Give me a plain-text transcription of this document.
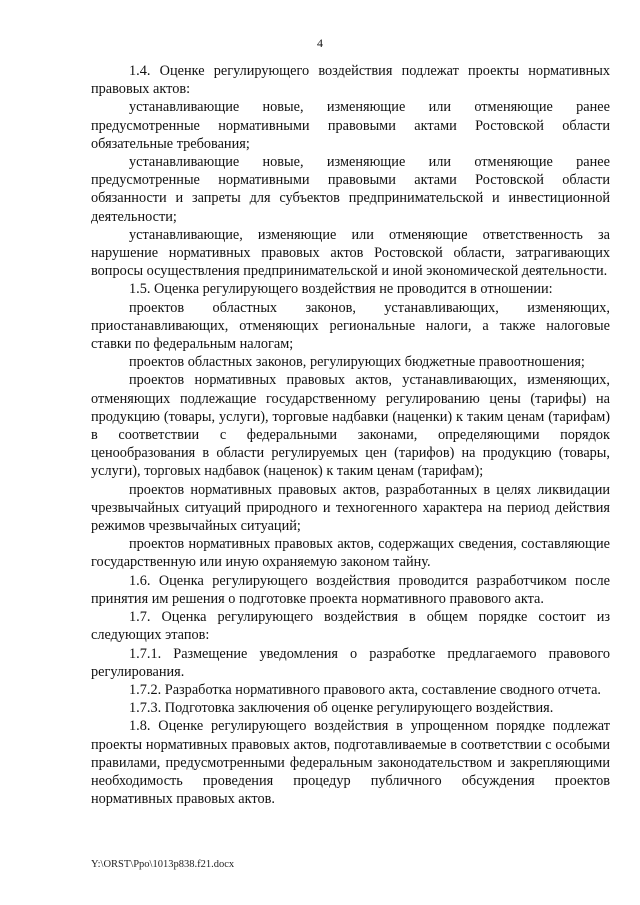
4

1.4. Оценке регулирующего воздействия подлежат проекты нормативных правовых актов:

устанавливающие новые, изменяющие или отменяющие ранее предусмотренные нормативными правовыми актами Ростовской области обязательные требования;

устанавливающие новые, изменяющие или отменяющие ранее предусмотренные нормативными правовыми актами Ростовской области обязанности и запреты для субъектов предпринимательской и инвестиционной деятельности;

устанавливающие, изменяющие или отменяющие ответственность за нарушение нормативных правовых актов Ростовской области, затрагивающих вопросы осуществления предпринимательской и иной экономической деятельности.

1.5. Оценка регулирующего воздействия не проводится в отношении:

проектов областных законов, устанавливающих, изменяющих, приостанавливающих, отменяющих региональные налоги, а также налоговые ставки по федеральным налогам;

проектов областных законов, регулирующих бюджетные правоотношения;

проектов нормативных правовых актов, устанавливающих, изменяющих, отменяющих подлежащие государственному регулированию цены (тарифы) на продукцию (товары, услуги), торговые надбавки (наценки) к таким ценам (тарифам) в соответствии с федеральными законами, определяющими порядок ценообразования в области регулируемых цен (тарифов) на продукцию (товары, услуги), торговых надбавок (наценок) к таким ценам (тарифам);

проектов нормативных правовых актов, разработанных в целях ликвидации чрезвычайных ситуаций природного и техногенного характера на период действия режимов чрезвычайных ситуаций;

проектов нормативных правовых актов, содержащих сведения, составляющие государственную или иную охраняемую законом тайну.

1.6. Оценка регулирующего воздействия проводится разработчиком после принятия им решения о подготовке проекта нормативного правового акта.

1.7. Оценка регулирующего воздействия в общем порядке состоит из следующих этапов:

1.7.1. Размещение уведомления о разработке предлагаемого правового регулирования.

1.7.2. Разработка нормативного правового акта, составление сводного отчета.

1.7.3. Подготовка заключения об оценке регулирующего воздействия.

1.8. Оценке регулирующего воздействия в упрощенном порядке подлежат проекты нормативных правовых актов, подготавливаемые в соответствии с особыми правилами, предусмотренными федеральным законодательством и закрепляющими необходимость проведения процедур публичного обсуждения проектов нормативных правовых актов.

Y:\ORST\Ppo\1013p838.f21.docx
